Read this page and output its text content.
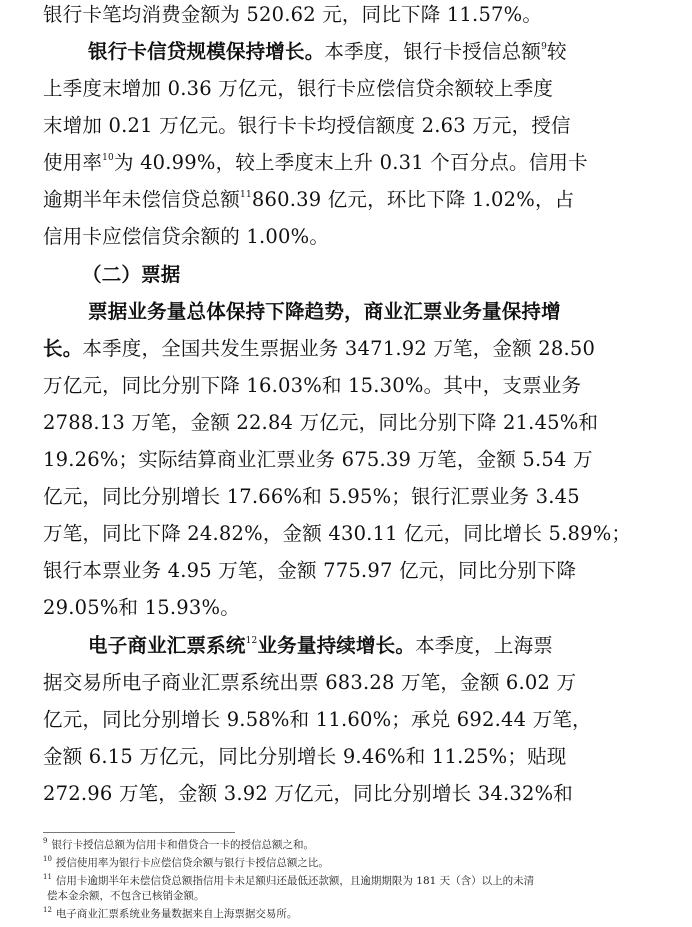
银行卡笔均消费金额为 520.62 元，同比下降 11.57%。
银行卡信贷规模保持增长。本季度，银行卡授信总额$^9$较
上季度末增加 0.36 万亿元，银行卡应偿信贷余额较上季度
末增加 0.21 万亿元。银行卡卡均授信额度 2.63 万元，授信
使用率$^{10}$为 40.99%，较上季度末上升 0.31 个百分点。信用卡
逾期半年未偿信贷总额$^{11}$860.39 亿元，环比下降 1.02%，占
信用卡应偿信贷余额的 1.00%。
（二）票据
票据业务量总体保持下降趋势，商业汇票业务量保持增
长。本季度，全国共发生票据业务 3471.92 万笔，金额 28.50
万亿元，同比分别下降 16.03%和 15.30%。其中，支票业务
2788.13 万笔，金额 22.84 万亿元，同比分别下降 21.45%和
19.26%；实际结算商业汇票业务 675.39 万笔，金额 5.54 万
亿元，同比分别增长 17.66%和 5.95%；银行汇票业务 3.45
万笔，同比下降 24.82%，金额 430.11 亿元，同比增长 5.89%；
银行本票业务 4.95 万笔，金额 775.97 亿元，同比分别下降
29.05%和 15.93%。
电子商业汇票系统$^{12}$业务量持续增长。本季度，上海票
据交易所电子商业汇票系统出票 683.28 万笔，金额 6.02 万
亿元，同比分别增长 9.58%和 11.60%；承兑 692.44 万笔，
金额 6.15 万亿元，同比分别增长 9.46%和 11.25%；贴现
272.96 万笔，金额 3.92 万亿元，同比分别增长 34.32%和
$^9$ 银行卡授信总额为信用卡和借贷合一卡的授信总额之和。
$^{10}$ 授信使用率为银行卡应偿信贷余额与银行卡授信总额之比。
$^{11}$ 信用卡逾期半年未偿信贷总额指信用卡未足额归还最低还款额，且逾期期限为 181 天（含）以上的未清
偿本金余额，不包含已核销金额。
$^{12}$ 电子商业汇票系统业务量数据来自上海票据交易所。
